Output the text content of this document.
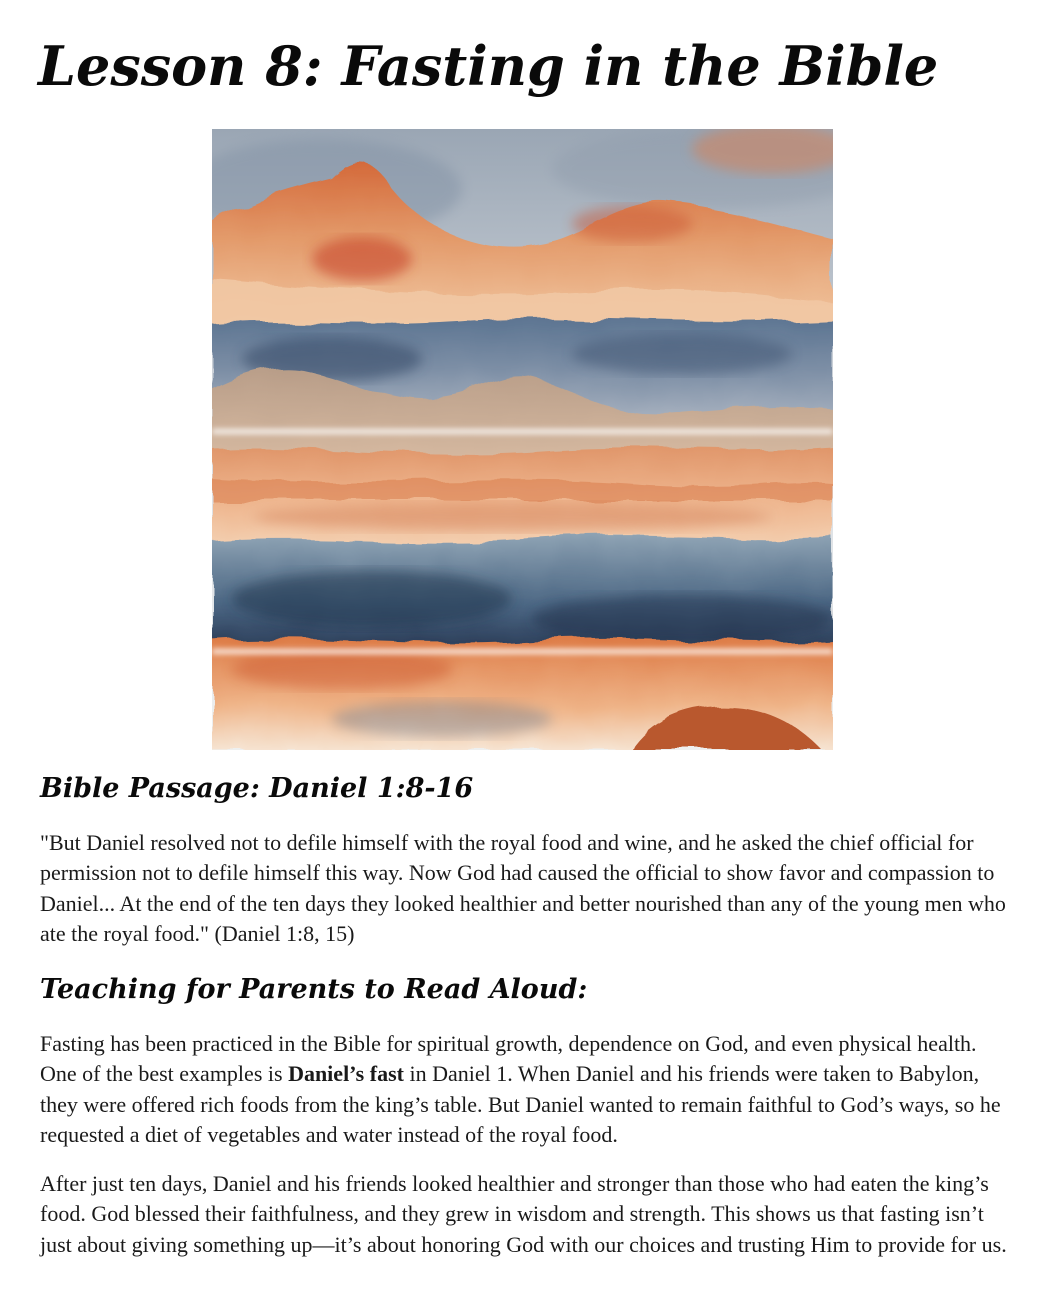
Lesson 8: Fasting in the Bible
Bible Passage: Daniel 1:8-16

"But Daniel resolved not to defile himself with the royal food and wine, and he asked the chief official for permission not to defile himself this way. Now God had caused the official to show favor and compassion to Daniel... At the end of the ten days they looked healthier and better nourished than any of the young men who ate the royal food." (Daniel 1:8, 15)

Teaching for Parents to Read Aloud:

Fasting has been practiced in the Bible for spiritual growth, dependence on God, and even physical health. One of the best examples is Daniel’s fast in Daniel 1. When Daniel and his friends were taken to Babylon, they were offered rich foods from the king’s table. But Daniel wanted to remain faithful to God’s ways, so he requested a diet of vegetables and water instead of the royal food.

After just ten days, Daniel and his friends looked healthier and stronger than those who had eaten the king’s food. God blessed their faithfulness, and they grew in wisdom and strength. This shows us that fasting isn’t just about giving something up—it’s about honoring God with our choices and trusting Him to provide for us.
